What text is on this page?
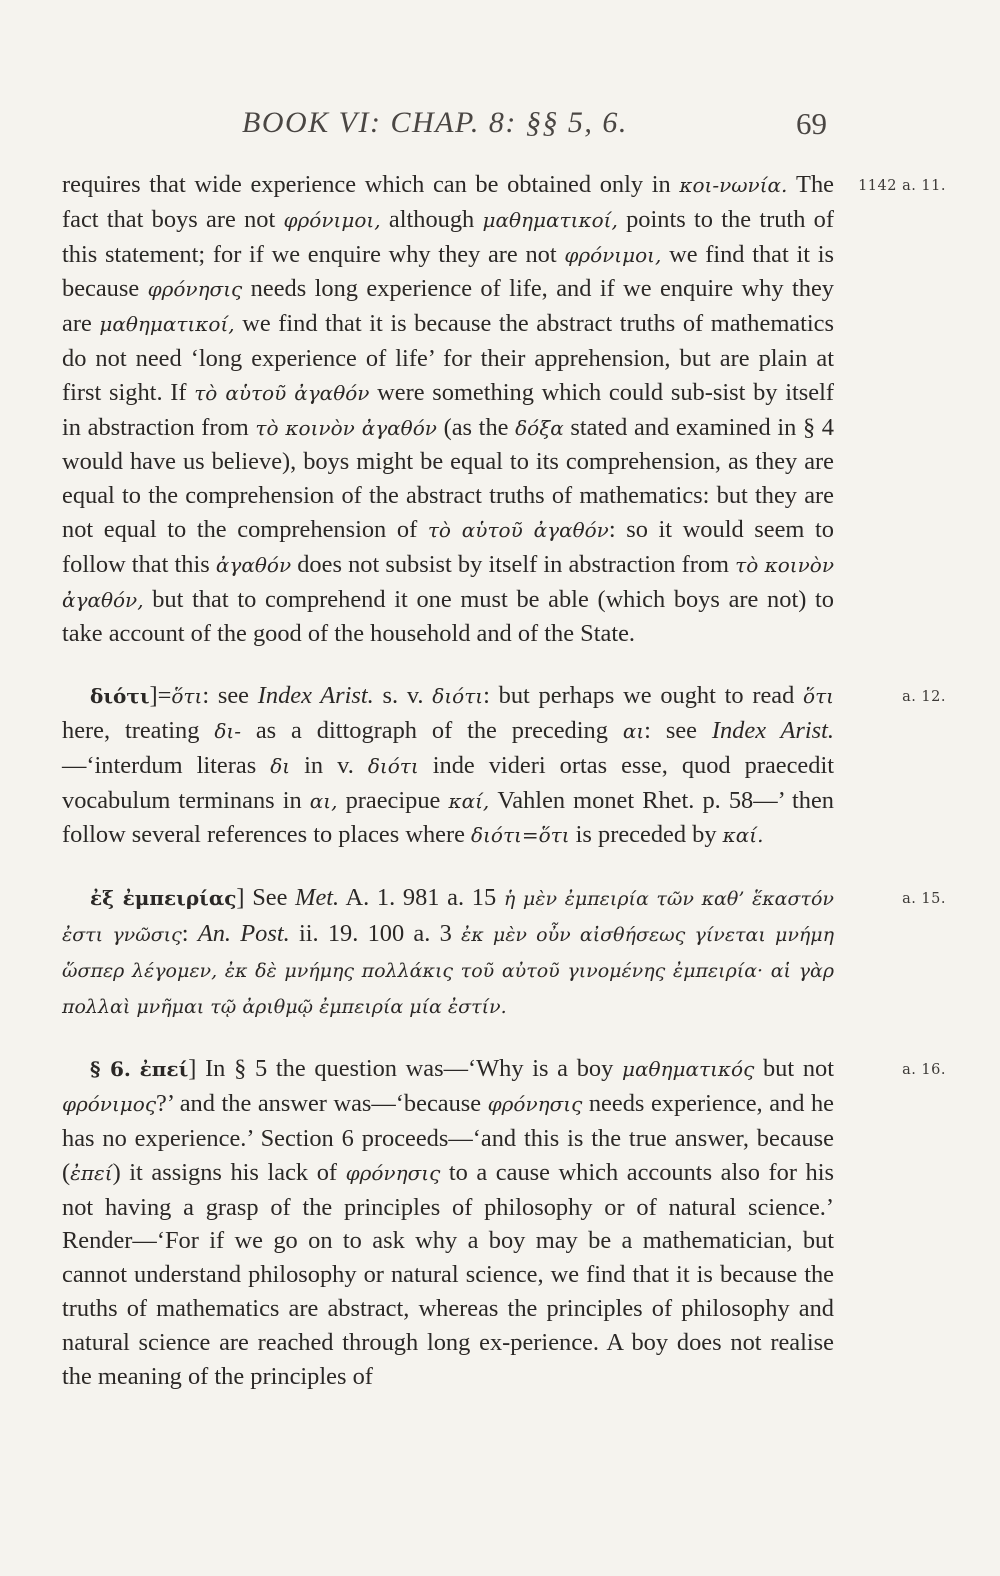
BOOK VI: CHAP. 8: §§ 5, 6.	69

1142 a. 11.
requires that wide experience which can be obtained only in κοι-νωνία. The fact that boys are not φρόνιμοι, although μαθηματικοί, points to the truth of this statement; for if we enquire why they are not φρόνιμοι, we find that it is because φρόνησις needs long experience of life, and if we enquire why they are μαθηματικοί, we find that it is because the abstract truths of mathematics do not need ‘long experience of life’ for their apprehension, but are plain at first sight. If τὸ αὑτοῦ ἀγαθόν were something which could sub-sist by itself in abstraction from τὸ κοινὸν ἀγαθόν (as the δόξα stated and examined in § 4 would have us believe), boys might be equal to its comprehension, as they are equal to the comprehension of the abstract truths of mathematics: but they are not equal to the comprehension of τὸ αὑτοῦ ἀγαθόν: so it would seem to follow that this ἀγαθόν does not subsist by itself in abstraction from τὸ κοινὸν ἀγαθόν, but that to comprehend it one must be able (which boys are not) to take account of the good of the household and of the State.

a. 12.
διότι]=ὅτι: see Index Arist. s. v. διότι: but perhaps we ought to read ὅτι here, treating δι- as a dittograph of the preceding αι: see Index Arist.—‘interdum literas δι in v. διότι inde videri ortas esse, quod praecedit vocabulum terminans in αι, praecipue καί, Vahlen monet Rhet. p. 58—’ then follow several references to places where διότι=ὅτι is preceded by καί.

a. 15.
ἐξ ἐμπειρίας] See Met. A. 1. 981 a. 15 ἡ μὲν ἐμπειρία τῶν καθ’ ἕκαστόν ἐστι γνῶσις: An. Post. ii. 19. 100 a. 3 ἐκ μὲν οὖν αἰσθήσεως γίνεται μνήμη ὥσπερ λέγομεν, ἐκ δὲ μνήμης πολλάκις τοῦ αὐτοῦ γινομένης ἐμπειρία· αἱ γὰρ πολλαὶ μνῆμαι τῷ ἀριθμῷ ἐμπειρία μία ἐστίν.

a. 16.
§ 6. ἐπεί] In § 5 the question was—‘Why is a boy μαθηματικός but not φρόνιμος?’ and the answer was—‘because φρόνησις needs experience, and he has no experience.’ Section 6 proceeds—‘and this is the true answer, because (ἐπεί) it assigns his lack of φρόνησις to a cause which accounts also for his not having a grasp of the principles of philosophy or of natural science.’ Render—‘For if we go on to ask why a boy may be a mathematician, but cannot understand philosophy or natural science, we find that it is because the truths of mathematics are abstract, whereas the principles of philosophy and natural science are reached through long ex-perience. A boy does not realise the meaning of the principles of
